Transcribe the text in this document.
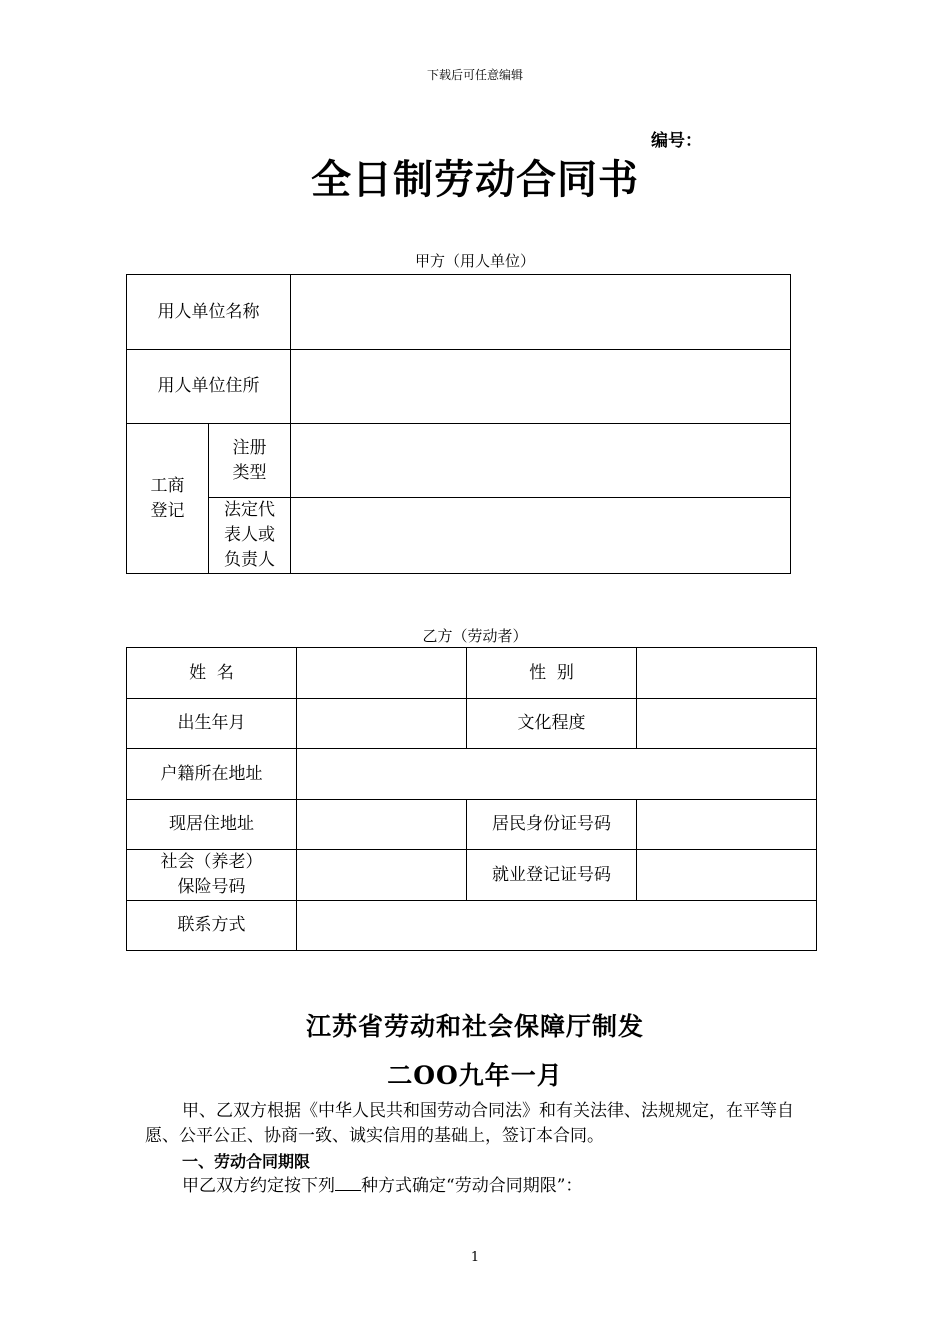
下载后可任意编辑
编号：
全日制劳动合同书
甲方（用人单位）
用人单位名称		
用人单位住所		
工商登记	注册类型	
	法定代表人或负责人	
乙方（劳动者）
姓  名		性  别	
出生年月		文化程度	
户籍所在地址			
现居住地址		居民身份证号码	

社会（养老）
保险号码		就业登记证号码	
联系方式			
江苏省劳动和社会保障厅制发
二OO九年一月
甲、乙双方根据《中华人民共和国劳动合同法》和有关法律、法规规定，在平等自愿、公平公正、协商一致、诚实信用的基础上，签订本合同。
一、劳动合同期限
甲乙双方约定按下列 种方式确定“劳动合同期限”：
1
